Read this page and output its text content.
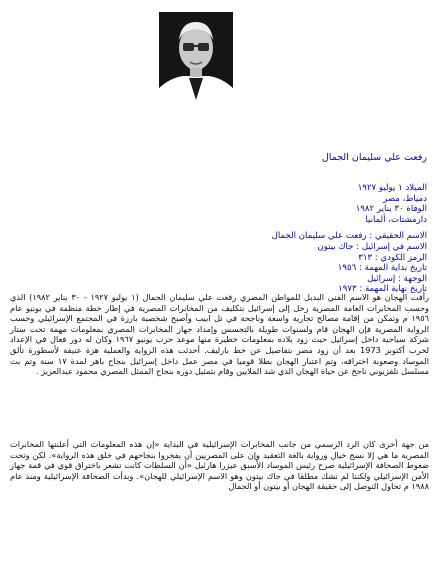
رفعت علي سليمان الجمال
الميلاد ١ يوليو ١٩٢٧
دمياط، مصر
الوفاة ٣٠ يناير ١٩٨٢
دارمشتات، ألمانيا
الاسم الحقيقي : رفعت علي سليمان الجمال
الاسم في إسرائيل : جاك بيتون
الرمز الكودي : ٣١٣
تاريخ بداية المهمة : ١٩٥٦
الوجهة : إسرائيل
تاريخ نهاية المهمة : ١٩٧٣
رأفت الهجان هو الاسم الفني البديل للمواطن المصري رفعت علي سليمان الجمال (١ يوليو ١٩٢٧ - ٣٠ يناير ١٩٨٢) الذي وحسب المخابرات العامة المصرية رحل إلى إسرائيل بتكليف من المخابرات المصرية في إطار خطة منظمة في يونيو عام ١٩٥٦ م وتمكن من إقامة مصالح تجارية واسعة وناجحة في تل ابيب وأصبح شخصية بارزة في المجتمع الإسرائيلي وحسب الرواية المصرية فإن الهجان قام ولسنوات طويلة بالتجسس وإمداد جهاز المخابرات المصري بمعلومات مهمة تحت ستار شركة سياحية داخل إسرائيل حيث زود بلاده بمعلومات خطيرة منها موعد حرب يونيو ١٩٦٧ وكان له دور فعال في الإعداد لحرب أكتوبر 1973 بعد أن زود مصر بتفاصيل عن خط بارليف. أحدثت هذه الرواية والعملية هزة عنيفة لأسطورة تألق الموساد وصعوبة اختراقه، وتم اعتبار الهجان بطلا قوميا في مصر عمل داخل إسرائيل بنجاح باهر لمدة ١٧ سنة وتم بث مسلسل تلفزيوني ناجح عن حياة الهجان الذي شد الملايين وقام بتمثيل دوره بنجاح الممثل المصري محمود عبدالعزيز .
من جهة أخرى كان الرد الرسمي من جانب المخابرات الإسرائيلية في البداية «إن هذه المعلومات التي أعلنتها المخابرات المصرية ما هي إلا نسج خيال ورواية بالغة التعقيد وإن على المصريين أن يفخروا بنجاحهم في خلق هذه الرواية». لكن وتحت ضغوط الصحافة الإسرائيلية صرح رئيس الموساد الأسبق عيزرا هارئيل «أن السلطات كانت تشعر باختراق قوي في قمة جهاز الأمن الإسرائيلي ولكننا لم نشك مطلقا في جاك بيتون وهو الاسم الإسرائيلي للهجان». وبدأت الصحافة الإسرائيلية ومنذ عام ١٩٨٨ م تحاول التوصل إلى حقيقة الهجان أو بيتون أو الجمال
